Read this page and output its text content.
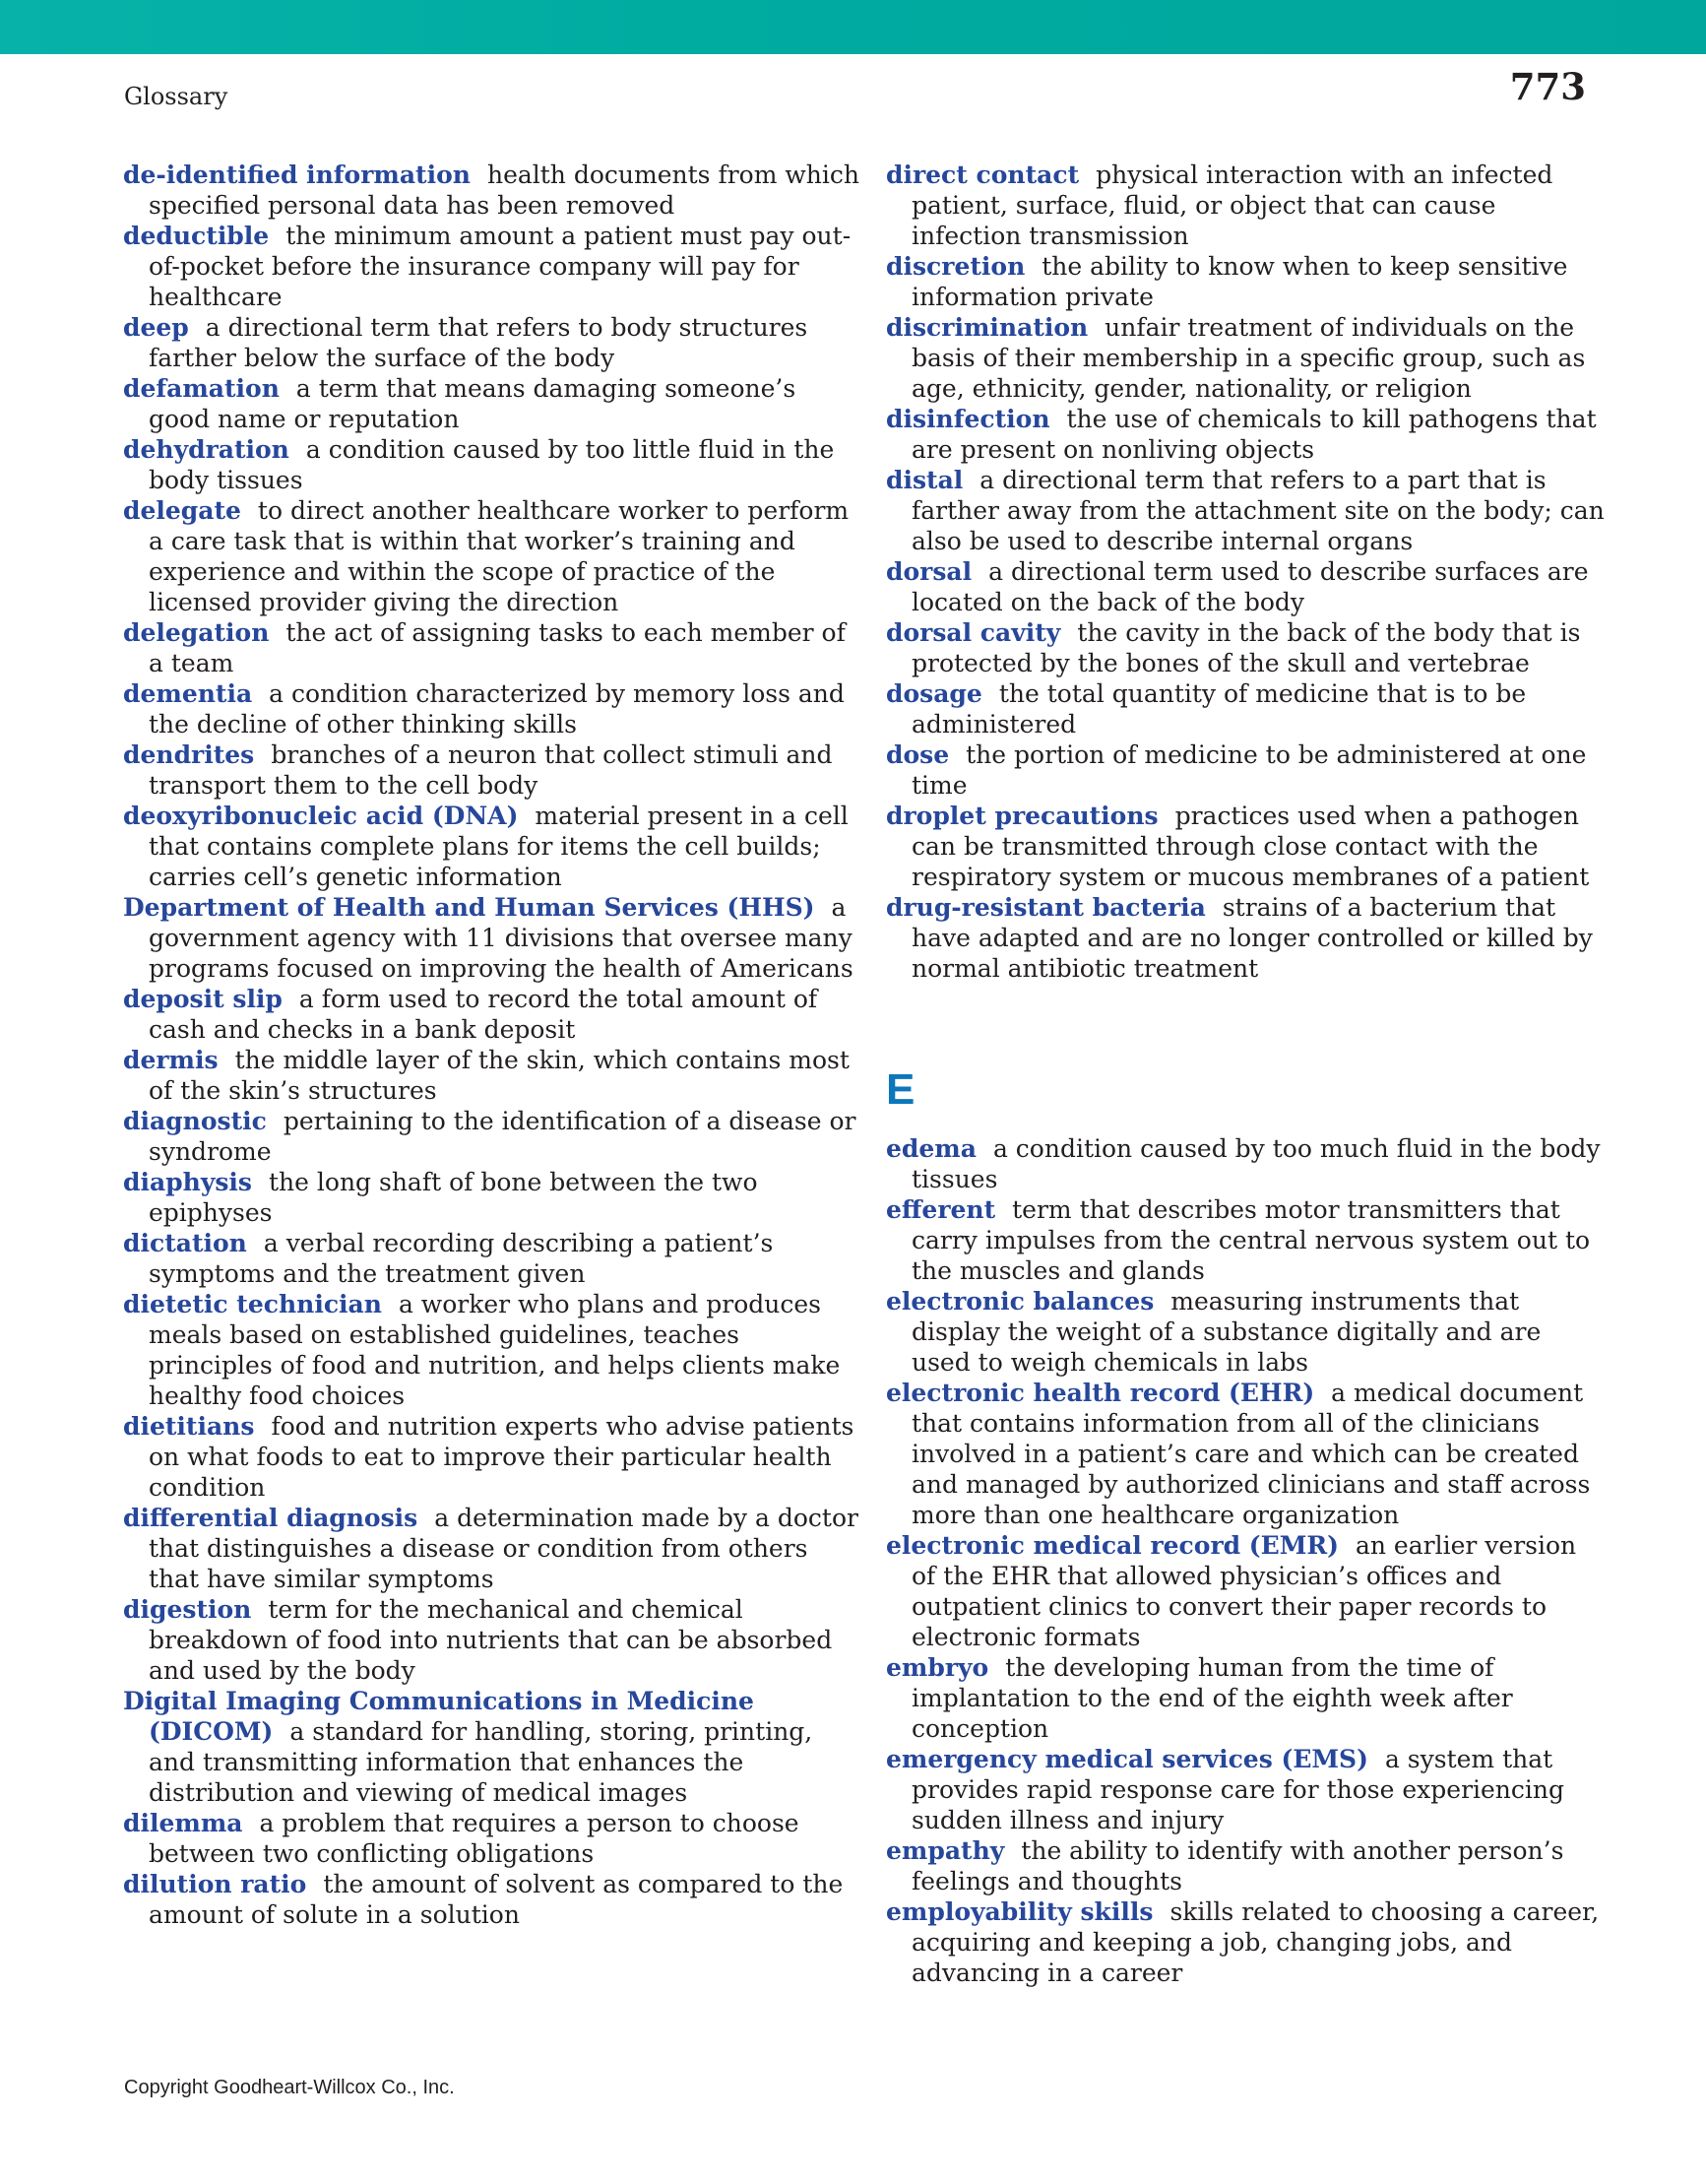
Glossary	773

de-identified information health documents from which specified personal data has been removed

deductible the minimum amount a patient must pay out-of-pocket before the insurance company will pay for healthcare

deep a directional term that refers to body structures farther below the surface of the body

defamation a term that means damaging someone’s good name or reputation

dehydration a condition caused by too little fluid in the body tissues

delegate to direct another healthcare worker to perform a care task that is within that worker’s training and experience and within the scope of practice of the licensed provider giving the direction

delegation the act of assigning tasks to each member of a team

dementia a condition characterized by memory loss and the decline of other thinking skills

dendrites branches of a neuron that collect stimuli and transport them to the cell body

deoxyribonucleic acid (DNA) material present in a cell that contains complete plans for items the cell builds; carries cell’s genetic information

Department of Health and Human Services (HHS) a government agency with 11 divisions that oversee many programs focused on improving the health of Americans

deposit slip a form used to record the total amount of cash and checks in a bank deposit

dermis the middle layer of the skin, which contains most of the skin’s structures

diagnostic pertaining to the identification of a disease or syndrome

diaphysis the long shaft of bone between the two epiphyses

dictation a verbal recording describing a patient’s symptoms and the treatment given

dietetic technician a worker who plans and produces meals based on established guidelines, teaches principles of food and nutrition, and helps clients make healthy food choices

dietitians food and nutrition experts who advise patients on what foods to eat to improve their particular health condition

differential diagnosis a determination made by a doctor that distinguishes a disease or condition from others that have similar symptoms

digestion term for the mechanical and chemical breakdown of food into nutrients that can be absorbed and used by the body

Digital Imaging Communications in Medicine (DICOM) a standard for handling, storing, printing, and transmitting information that enhances the distribution and viewing of medical images

dilemma a problem that requires a person to choose between two conflicting obligations

dilution ratio the amount of solvent as compared to the amount of solute in a solution

direct contact physical interaction with an infected patient, surface, fluid, or object that can cause infection transmission

discretion the ability to know when to keep sensitive information private

discrimination unfair treatment of individuals on the basis of their membership in a specific group, such as age, ethnicity, gender, nationality, or religion

disinfection the use of chemicals to kill pathogens that are present on nonliving objects

distal a directional term that refers to a part that is farther away from the attachment site on the body; can also be used to describe internal organs

dorsal a directional term used to describe surfaces are located on the back of the body

dorsal cavity the cavity in the back of the body that is protected by the bones of the skull and vertebrae

dosage the total quantity of medicine that is to be administered

dose the portion of medicine to be administered at one time

droplet precautions practices used when a pathogen can be transmitted through close contact with the respiratory system or mucous membranes of a patient

drug-resistant bacteria strains of a bacterium that have adapted and are no longer controlled or killed by normal antibiotic treatment

E

edema a condition caused by too much fluid in the body tissues

efferent term that describes motor transmitters that carry impulses from the central nervous system out to the muscles and glands

electronic balances measuring instruments that display the weight of a substance digitally and are used to weigh chemicals in labs

electronic health record (EHR) a medical document that contains information from all of the clinicians involved in a patient’s care and which can be created and managed by authorized clinicians and staff across more than one healthcare organization

electronic medical record (EMR) an earlier version of the EHR that allowed physician’s offices and outpatient clinics to convert their paper records to electronic formats

embryo the developing human from the time of implantation to the end of the eighth week after conception

emergency medical services (EMS) a system that provides rapid response care for those experiencing sudden illness and injury

empathy the ability to identify with another person’s feelings and thoughts

employability skills skills related to choosing a career, acquiring and keeping a job, changing jobs, and advancing in a career

Copyright Goodheart-Willcox Co., Inc.
